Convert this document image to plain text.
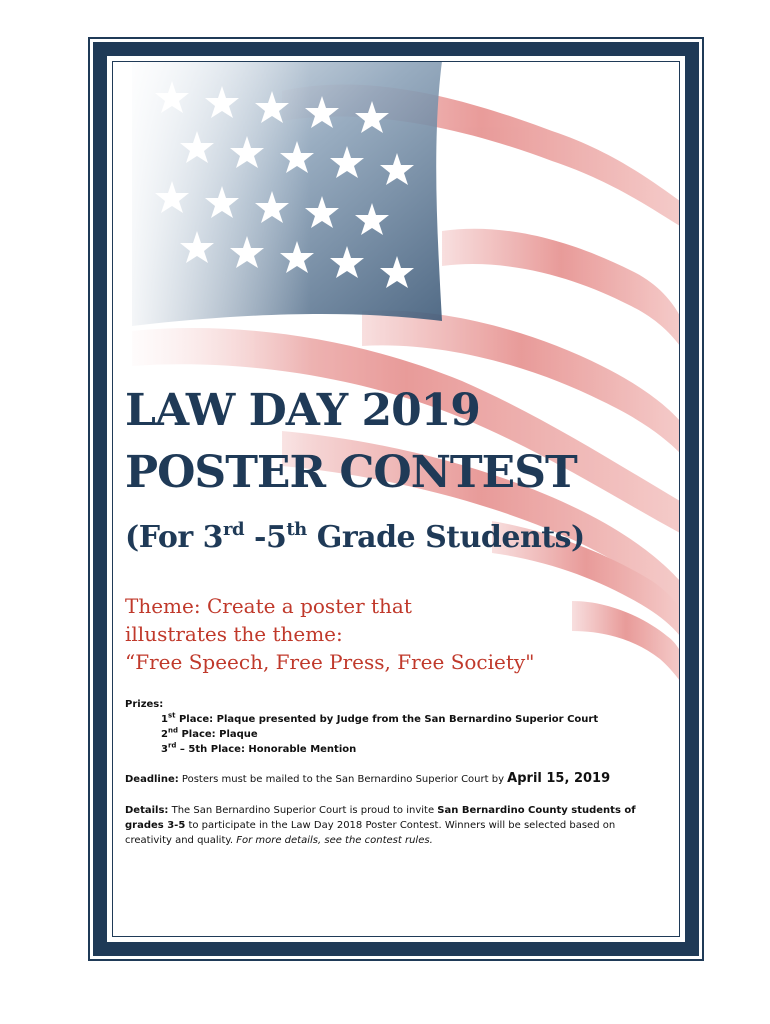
LAW DAY 2019
POSTER CONTEST
(For 3rd -5th Grade Students)
Theme: Create a poster that
illustrates the theme:
“Free Speech, Free Press, Free Society"
Prizes:
1st Place: Plaque presented by Judge from the San Bernardino Superior Court
2nd Place: Plaque
3rd – 5th Place: Honorable Mention
Deadline: Posters must be mailed to the San Bernardino Superior Court by April 15, 2019
Details: The San Bernardino Superior Court is proud to invite San Bernardino County students of grades 3-5 to participate in the Law Day 2018 Poster Contest. Winners will be selected based on creativity and quality. For more details, see the contest rules.
